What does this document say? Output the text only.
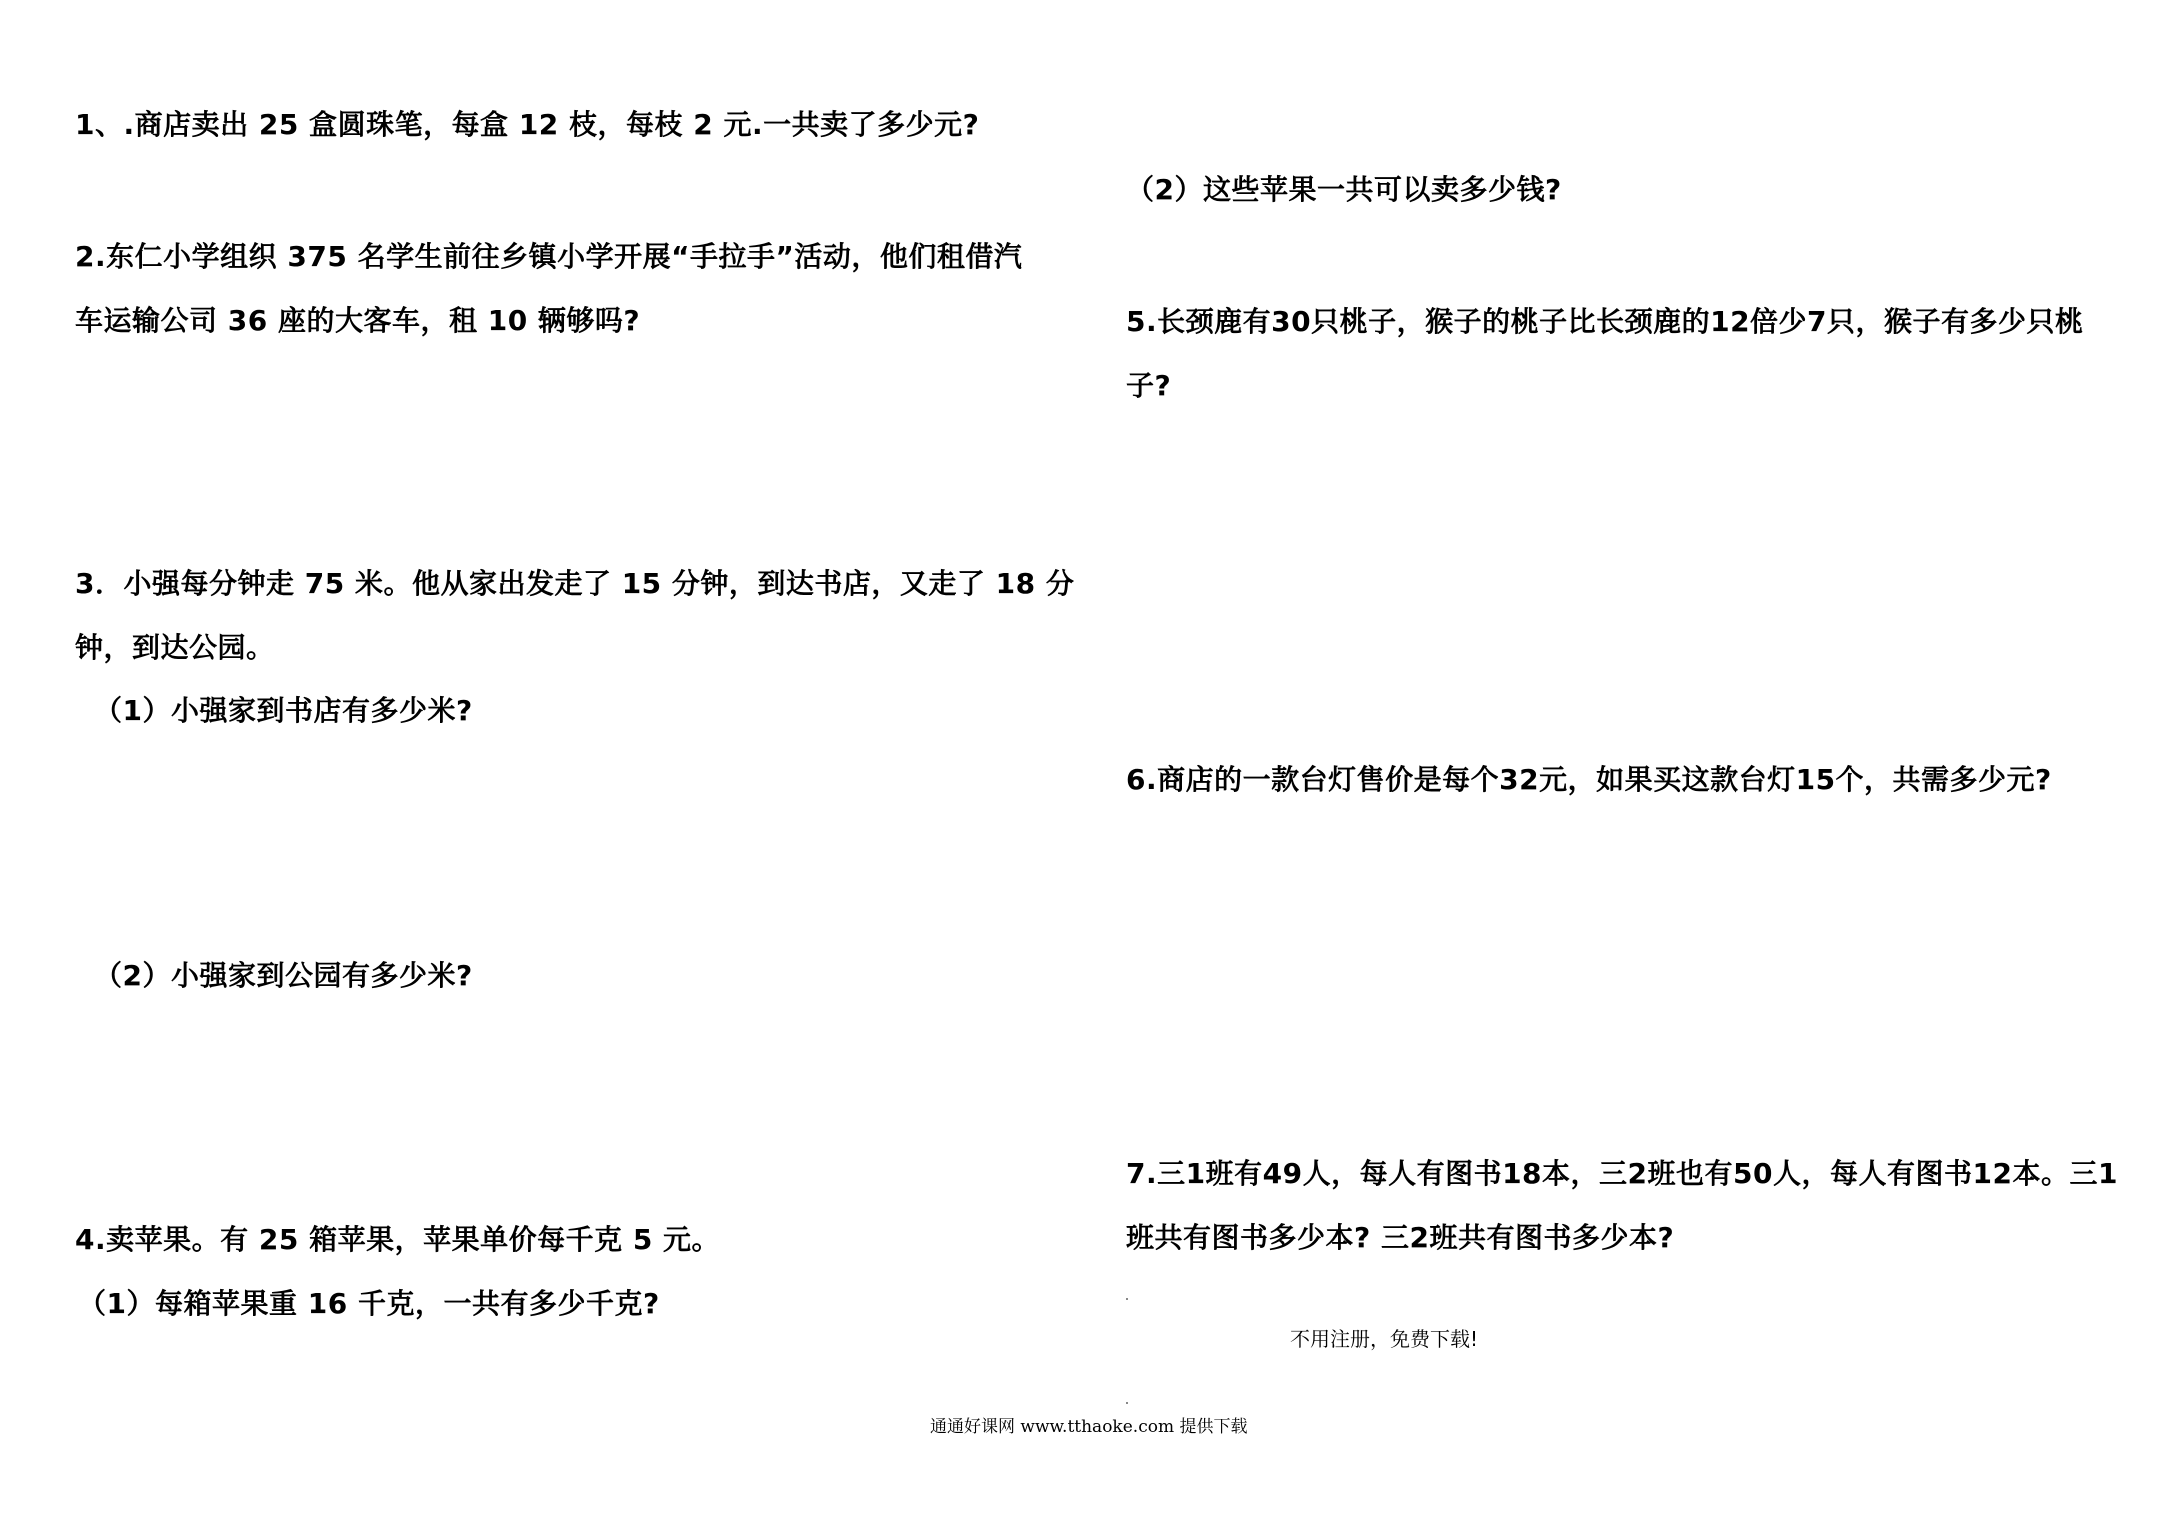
1、.商店卖出 25 盒圆珠笔，每盒 12 枝，每枝 2 元.一共卖了多少元?
2.东仁小学组织 375 名学生前往乡镇小学开展“手拉手”活动，他们租借汽
车运输公司 36 座的大客车，租 10 辆够吗?
3．小强每分钟走 75 米。他从家出发走了 15 分钟，到达书店，又走了 18 分
钟，到达公园。
（1）小强家到书店有多少米?
（2）小强家到公园有多少米?
4.卖苹果。有 25 箱苹果，苹果单价每千克 5 元。
（1）每箱苹果重 16 千克，一共有多少千克?
（2）这些苹果一共可以卖多少钱?
5.长颈鹿有30只桃子，猴子的桃子比长颈鹿的12倍少7只，猴子有多少只桃
子?
6.商店的一款台灯售价是每个32元，如果买这款台灯15个，共需多少元?
7.三1班有49人，每人有图书18本，三2班也有50人，每人有图书12本。三1
班共有图书多少本? 三2班共有图书多少本?
不用注册，免费下载!
通通好课网 www.tthaoke.com 提供下载
